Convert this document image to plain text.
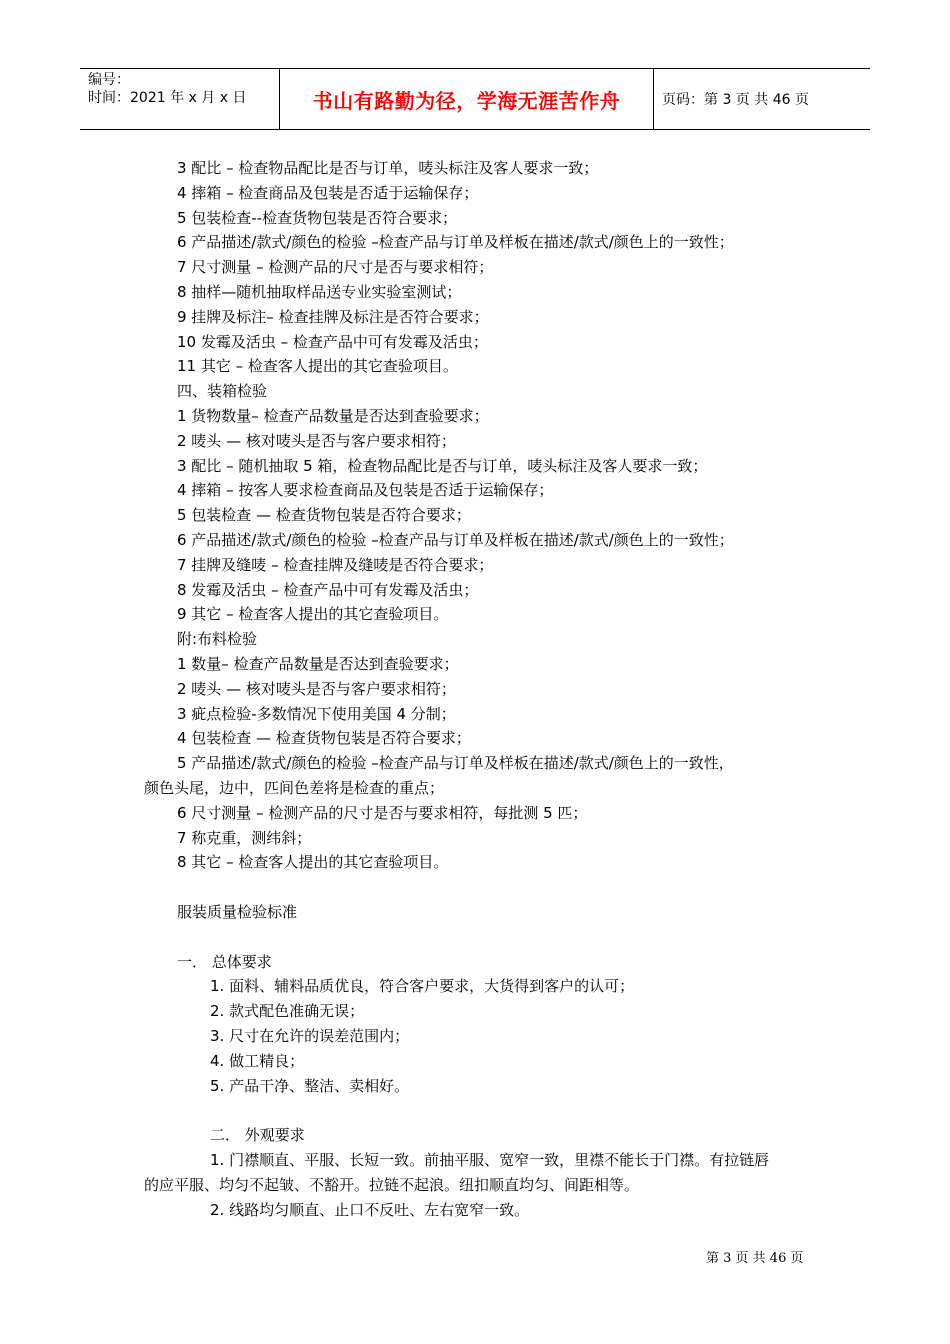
编号：
时间：2021 年 x 月 x 日	书山有路勤为径，学海无涯苦作舟	页码：第 3 页 共 46 页
3 配比 – 检查物品配比是否与订单，唛头标注及客人要求一致；
4 摔箱 – 检查商品及包装是否适于运输保存；
5 包装检查--检查货物包装是否符合要求；
6 产品描述/款式/颜色的检验 –检查产品与订单及样板在描述/款式/颜色上的一致性；
7 尺寸测量 – 检测产品的尺寸是否与要求相符；
8 抽样—随机抽取样品送专业实验室测试；
9 挂牌及标注– 检查挂牌及标注是否符合要求；
10 发霉及活虫 – 检查产品中可有发霉及活虫；
11 其它 – 检查客人提出的其它查验项目。
四、装箱检验
1 货物数量– 检查产品数量是否达到查验要求；
2 唛头 — 核对唛头是否与客户要求相符；
3 配比 – 随机抽取 5 箱，检查物品配比是否与订单，唛头标注及客人要求一致；
4 摔箱 – 按客人要求检查商品及包装是否适于运输保存；
5 包装检查 — 检查货物包装是否符合要求；
6 产品描述/款式/颜色的检验 –检查产品与订单及样板在描述/款式/颜色上的一致性；
7 挂牌及缝唛 – 检查挂牌及缝唛是否符合要求；
8 发霉及活虫 – 检查产品中可有发霉及活虫；
9 其它 – 检查客人提出的其它查验项目。
附:布料检验
1 数量– 检查产品数量是否达到查验要求；
2 唛头 — 核对唛头是否与客户要求相符；
3 疵点检验-多数情况下使用美国 4 分制；
4 包装检查 — 检查货物包装是否符合要求；
5 产品描述/款式/颜色的检验 –检查产品与订单及样板在描述/款式/颜色上的一致性，
颜色头尾，边中，匹间色差将是检查的重点；
6 尺寸测量 – 检测产品的尺寸是否与要求相符，每批测 5 匹；
7 称克重，测纬斜；
8 其它 – 检查客人提出的其它查验项目。
服装质量检验标准
一． 总体要求
1. 面料、辅料品质优良，符合客户要求，大货得到客户的认可；
2. 款式配色准确无误；
3. 尺寸在允许的误差范围内；
4. 做工精良；
5. 产品干净、整洁、卖相好。
二． 外观要求
1. 门襟顺直、平服、长短一致。前抽平服、宽窄一致，里襟不能长于门襟。有拉链唇
的应平服、均匀不起皱、不豁开。拉链不起浪。纽扣顺直均匀、间距相等。
2. 线路均匀顺直、止口不反吐、左右宽窄一致。
第 3 页 共 46 页
